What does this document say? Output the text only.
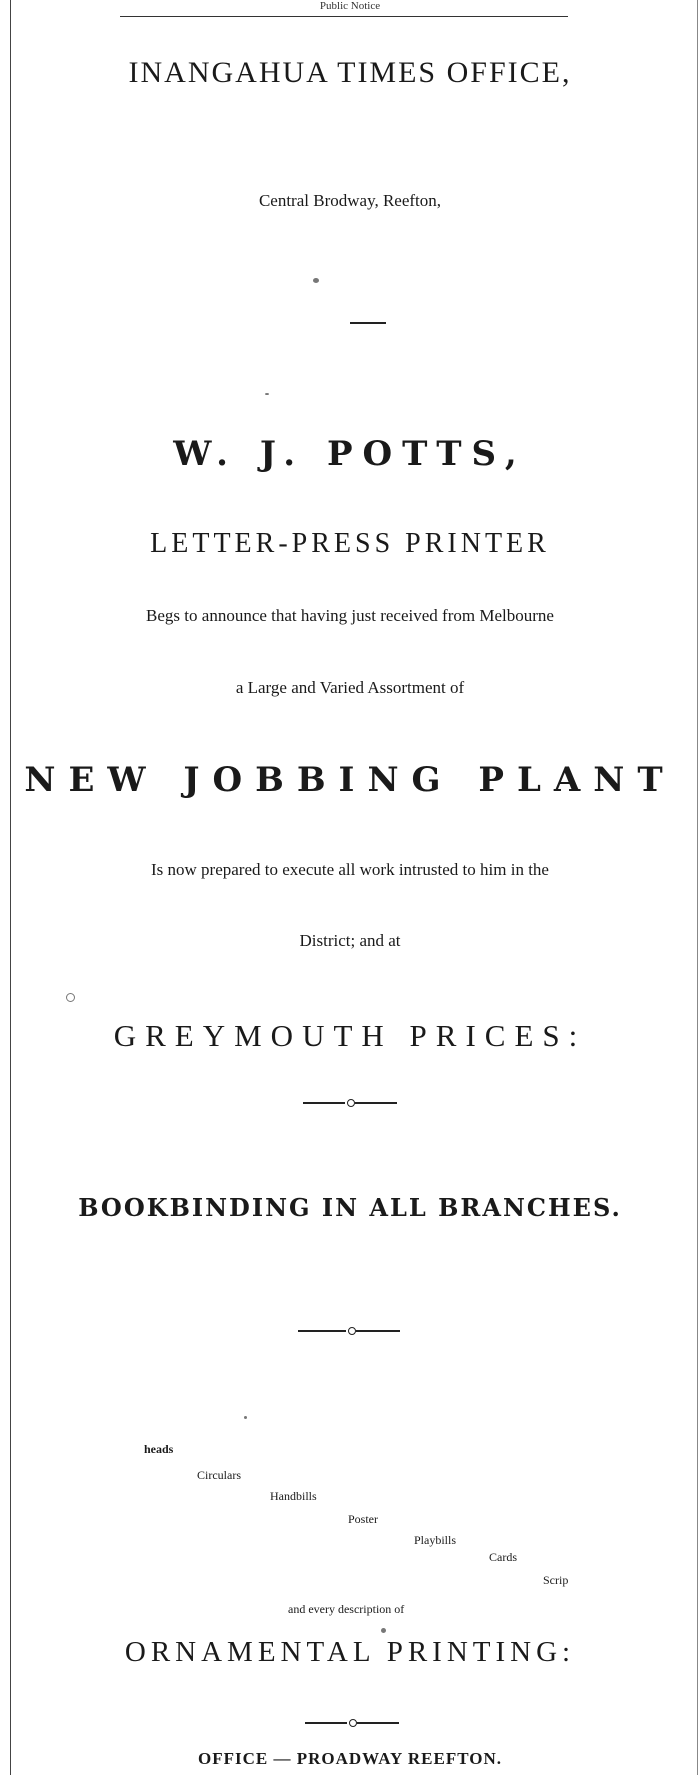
Public Notice
INANGAHUA TIMES OFFICE,
Central Brodway, Reefton,
W. J. POTTS,
LETTER-PRESS PRINTER
Begs to announce that having just received from Melbourne
a Large and Varied Assortment of
NEW JOBBING PLANT
Is now prepared to execute all work intrusted to him in the
District; and at
GREYMOUTH PRICES:
BOOKBINDING IN ALL BRANCHES.
heads
Circulars
Handbills
Poster
Playbills
Cards
Scrip
and every description of
ORNAMENTAL PRINTING:
OFFICE — PROADWAY REEFTON.
